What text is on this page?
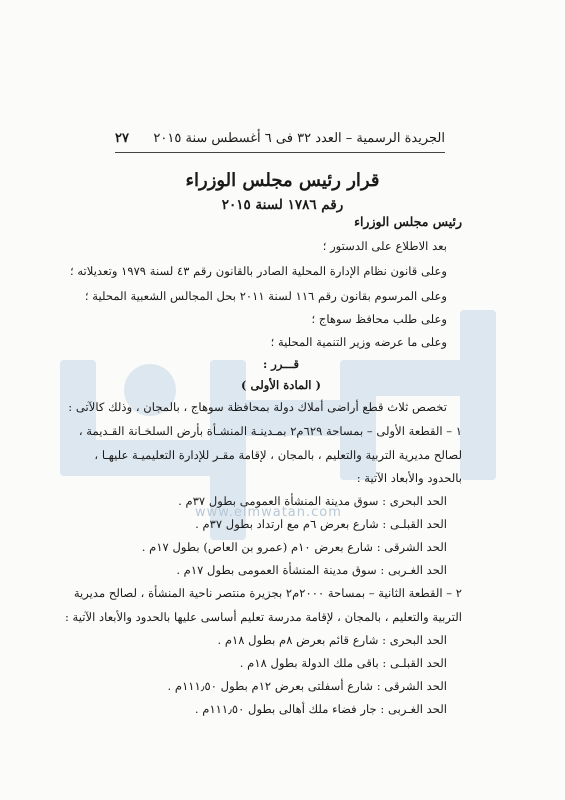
www.elmwatan.com
الجريدة الرسمية – العدد ٣٢ فى ٦ أغسطس سنة ٢٠١٥
٢٧
قرار رئيس مجلس الوزراء
رقم ١٧٨٦ لسنة ٢٠١٥
رئيس مجلس الوزراء
بعد الاطلاع على الدستور ؛
وعلى قانون نظام الإدارة المحلية الصادر بالقانون رقم ٤٣ لسنة ١٩٧٩ وتعديلاته ؛
وعلى المرسوم بقانون رقم ١١٦ لسنة ٢٠١١ بحل المجالس الشعبية المحلية ؛
وعلى طلب محافظ سوهاج ؛
وعلى ما عرضه وزير التنمية المحلية ؛
قـــرر :
( المادة الأولى )
تخصص ثلاث قطع أراضى أملاك دولة بمحافظة سوهاج ، بالمجان ، وذلك كالآتى :
١ – القطعة الأولى – بمساحة ٦٢٩م٢ بمـدينـة المنشـأة بأرض السلخـانة القـديمة ،
لصالح مديرية التربية والتعليم ، بالمجان ، لإقامة مقـر للإدارة التعليميـة عليهـا ،
بالحدود والأبعاد الآتية :
الحد البحرى : سوق مدينة المنشأة العمومى بطول ٣٧م .
الحد القبلـى : شارع بعرض ٦م مع ارتداد بطول ٣٧م .
الحد الشرقى : شارع بعرض ١٠م (عمرو بن العاص) بطول ١٧م .
الحد الغـربى : سوق مدينة المنشأة العمومى بطول ١٧م .
٢ – القطعة الثانية – بمساحة ٢٠٠٠م٢ بجزيرة منتصر ناحية المنشأة ، لصالح مديرية
التربية والتعليم ، بالمجان ، لإقامة مدرسة تعليم أساسى عليها بالحدود والأبعاد الآتية :
الحد البحرى : شارع قائم بعرض ٨م بطول ١٨م .
الحد القبلـى : باقى ملك الدولة بطول ١٨م .
الحد الشرقى : شارع أسفلتى بعرض ١٢م بطول ١١١٫٥٠م .
الحد الغـربى : جار فضاء ملك أهالى بطول ١١١٫٥٠م .
